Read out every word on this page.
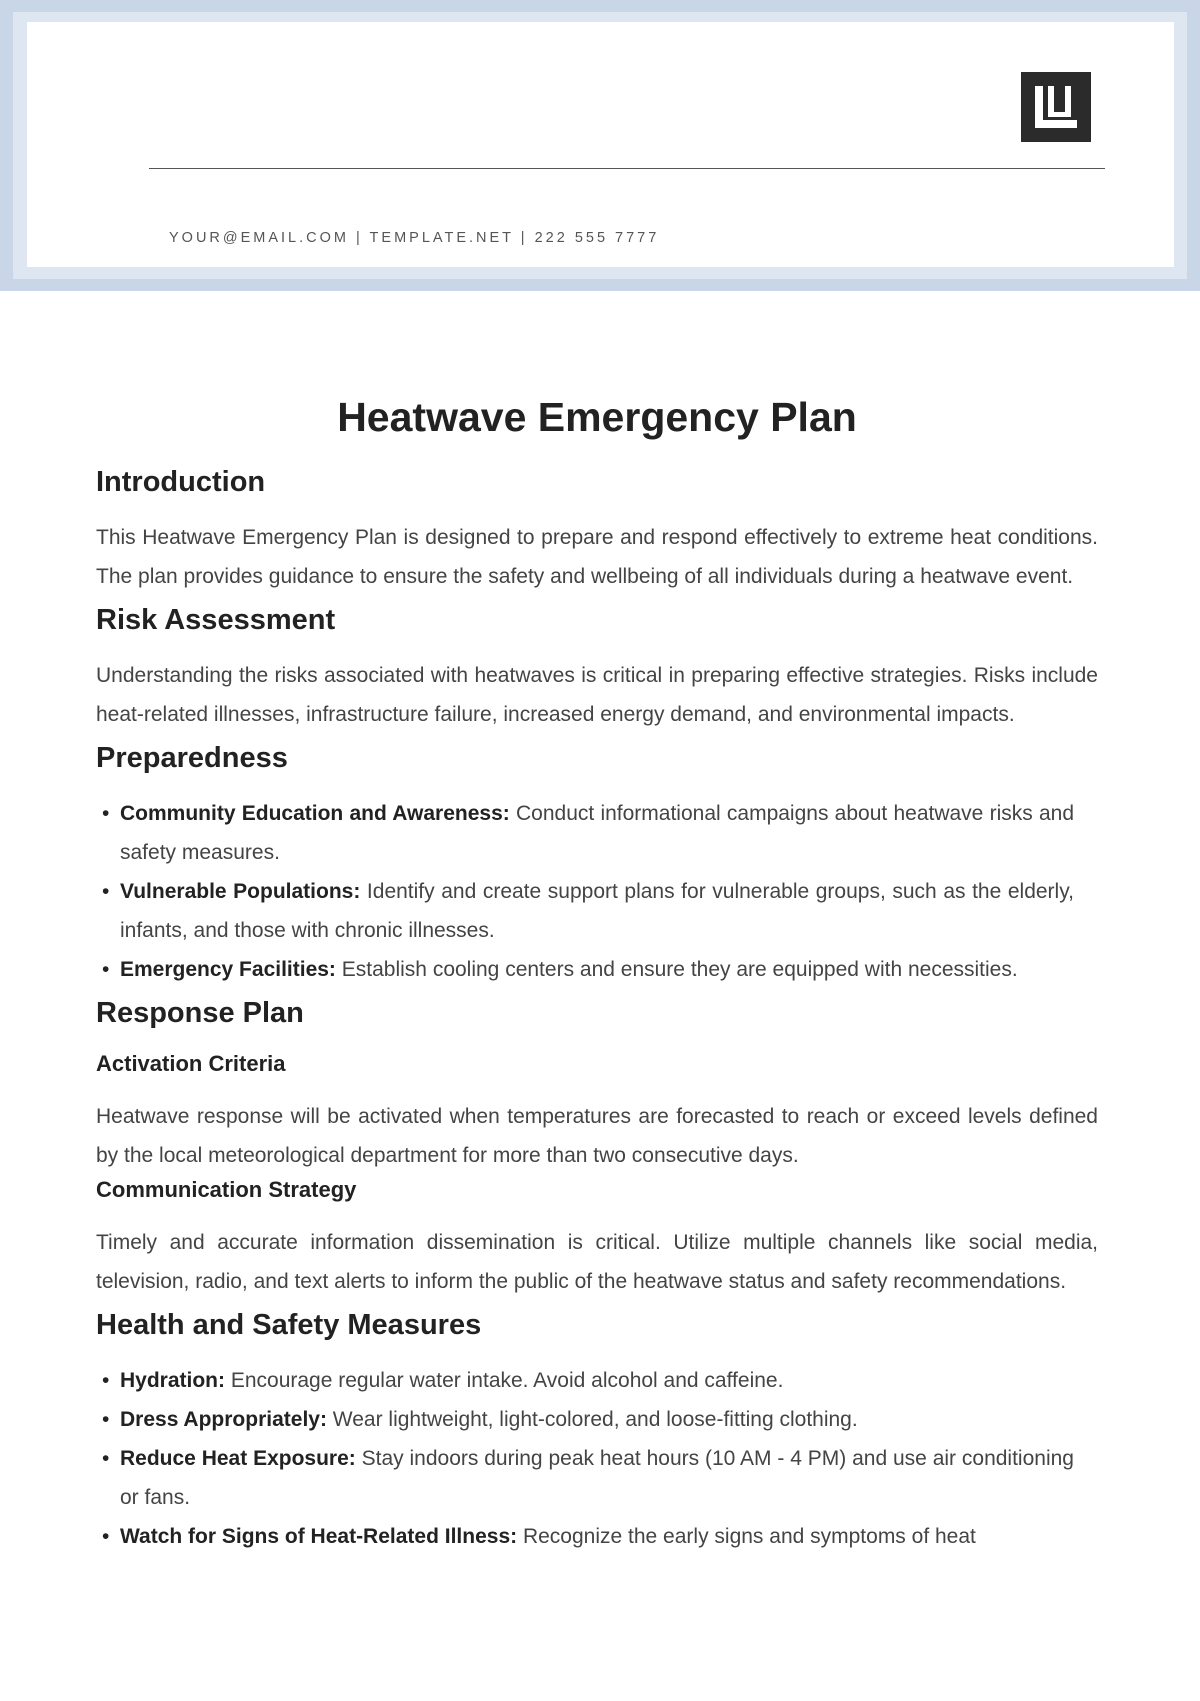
YOUR@EMAIL.COM | TEMPLATE.NET | 222 555 7777
Heatwave Emergency Plan
Introduction

This Heatwave Emergency Plan is designed to prepare and respond effectively to extreme heat conditions. The plan provides guidance to ensure the safety and wellbeing of all individuals during a heatwave event.

Risk Assessment

Understanding the risks associated with heatwaves is critical in preparing effective strategies. Risks include heat-related illnesses, infrastructure failure, increased energy demand, and environmental impacts.

Preparedness
• Community Education and Awareness: Conduct informational campaigns about heatwave risks and safety measures.
• Vulnerable Populations: Identify and create support plans for vulnerable groups, such as the elderly, infants, and those with chronic illnesses.
• Emergency Facilities: Establish cooling centers and ensure they are equipped with necessities.
Response Plan
Activation Criteria

Heatwave response will be activated when temperatures are forecasted to reach or exceed levels defined by the local meteorological department for more than two consecutive days.

Communication Strategy

Timely and accurate information dissemination is critical. Utilize multiple channels like social media, television, radio, and text alerts to inform the public of the heatwave status and safety recommendations.

Health and Safety Measures
• Hydration: Encourage regular water intake. Avoid alcohol and caffeine.
• Dress Appropriately: Wear lightweight, light-colored, and loose-fitting clothing.
• Reduce Heat Exposure: Stay indoors during peak heat hours (10 AM - 4 PM) and use air conditioning or fans.
• Watch for Signs of Heat-Related Illness: Recognize the early signs and symptoms of heat
